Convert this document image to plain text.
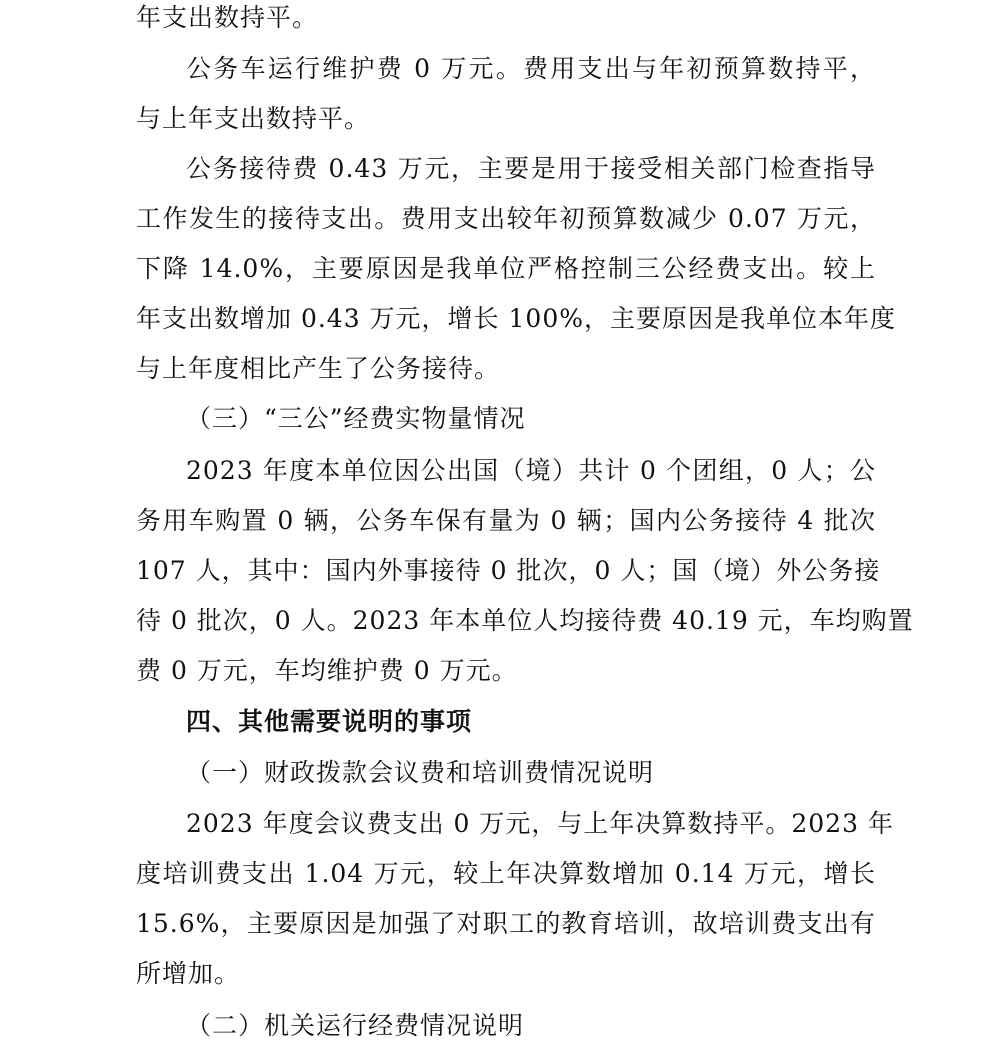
年支出数持平。
公务车运行维护费 0 万元。费用支出与年初预算数持平，
与上年支出数持平。
公务接待费 0.43 万元，主要是用于接受相关部门检查指导
工作发生的接待支出。费用支出较年初预算数减少 0.07 万元，
下降 14.0%，主要原因是我单位严格控制三公经费支出。较上
年支出数增加 0.43 万元，增长 100%，主要原因是我单位本年度
与上年度相比产生了公务接待。
（三）“三公”经费实物量情况
2023 年度本单位因公出国（境）共计 0 个团组，0 人；公
务用车购置 0 辆，公务车保有量为 0 辆；国内公务接待 4 批次
107 人，其中：国内外事接待 0 批次，0 人；国（境）外公务接
待 0 批次，0 人。2023 年本单位人均接待费 40.19 元，车均购置
费 0 万元，车均维护费 0 万元。
四、其他需要说明的事项
（一）财政拨款会议费和培训费情况说明
2023 年度会议费支出 0 万元，与上年决算数持平。2023 年
度培训费支出 1.04 万元，较上年决算数增加 0.14 万元，增长
15.6%，主要原因是加强了对职工的教育培训，故培训费支出有
所增加。
（二）机关运行经费情况说明
